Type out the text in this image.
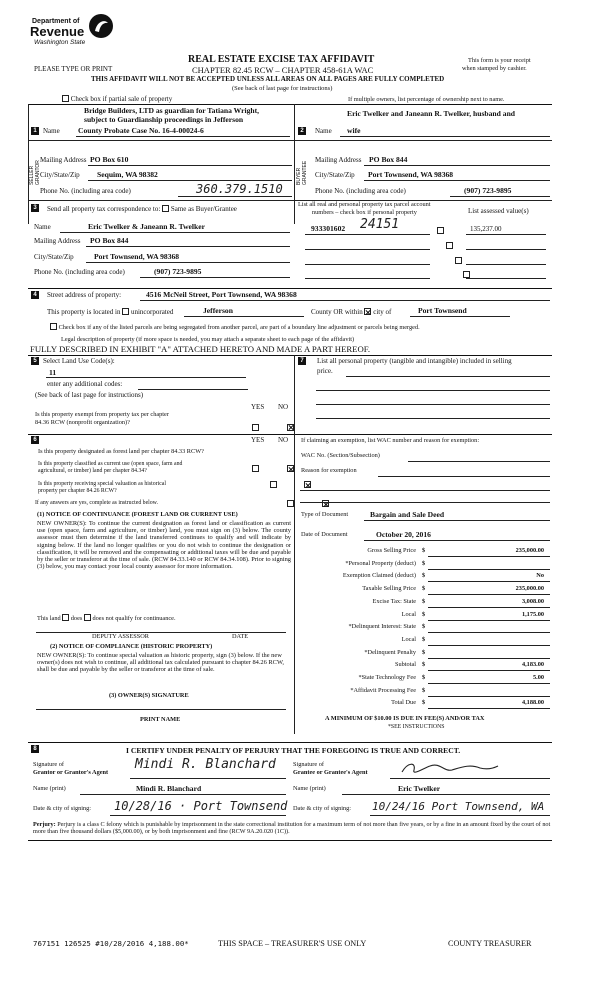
Department of
Revenue
Washington State
PLEASE TYPE OR PRINT
REAL ESTATE EXCISE TAX AFFIDAVIT
CHAPTER 82.45 RCW – CHAPTER 458-61A WAC
THIS AFFIDAVIT WILL NOT BE ACCEPTED UNLESS ALL AREAS ON ALL PAGES ARE FULLY COMPLETED
(See back of last page for instructions)
This form is your receipt
when stamped by cashier.
Check box if partial sale of property	If multiple owners, list percentage of ownership next to name.
Bridge Builders, LTD as guardian for Tatiana Wright,
subject to Guardianship proceedings in Jefferson
County Probate Case No. 16-4-00024-6
1 Name
SELLER GRANTOR
Mailing Address PO Box 610
City/State/Zip Sequim, WA 98382
Phone No. (including area code)	360.379.1510
Eric Twelker and Janeann R. Twelker, husband and
wife
2	Name
BUYER GRANTEE
Mailing Address PO Box 844
City/State/Zip Port Townsend, WA 98368
Phone No. (including area code)	(907) 723-9895
3	Send all property tax correspondence to: Same as Buyer/Grantee
List all real and personal property tax parcel account
numbers – check box if personal property	List assessed value(s)
Name	Eric Twelker & Janeann R. Twelker
Mailing Address PO Box 844
City/State/Zip	Port Townsend, WA 98368
Phone No. (including area code)	(907) 723-9895
933301602 24151	135,237.00

4	Street address of property:	4516 McNeil Street, Port Townsend, WA 98368
This property is located in unincorporated	Jefferson	County OR within city of	Port Townsend
Check box if any of the listed parcels are being segregated from another parcel, are part of a boundary line adjustment or parcels being merged.
Legal description of property (if more space is needed, you may attach a separate sheet to each page of the affidavit)
FULLY DESCRIBED IN EXHIBIT "A" ATTACHED HERETO AND MADE A PART HEREOF.
5 Select Land Use Code(s):
11
enter any additional codes:
(See back of last page for instructions)
YES NO
Is this property exempt from property tax per chapter
84.36 RCW (nonprofit organization)?

7	List all personal property (tangible and intangible) included in selling
price.
6	YES NO
Is this property designated as forest land per chapter 84.33 RCW?

Is this property classified as current use (open space, farm and
agricultural, or timber) land per chapter 84.34?

Is this property receiving special valuation as historical
property per chapter 84.26 RCW?

If any answers are yes, complete as instructed below.
(1) NOTICE OF CONTINUANCE (FOREST LAND OR CURRENT USE)
NEW OWNER(S): To continue the current designation as forest land or classification as current use (open space, farm and agriculture, or timber) land, you must sign on (3) below. The county assessor must then determine if the land transferred continues to qualify and will indicate by signing below. If the land no longer qualifies or you do not wish to continue the designation or classification, it will be removed and the compensating or additional taxes will be due and payable by the seller or transferor at the time of sale. (RCW 84.33.140 or RCW 84.34.108). Prior to signing (3) below, you may contact your local county assessor for more information.
This land does does not qualify for continuance.
DEPUTY ASSESSOR	DATE
(2) NOTICE OF COMPLIANCE (HISTORIC PROPERTY)
NEW OWNER(S): To continue special valuation as historic property, sign (3) below. If the new owner(s) does not wish to continue, all additional tax calculated pursuant to chapter 84.26 RCW, shall be due and payable by the seller or transferor at the time of sale.
(3) OWNER(S) SIGNATURE
PRINT NAME
If claiming an exemption, list WAC number and reason for exemption:
WAC No. (Section/Subsection)
Reason for exemption
Type of Document	Bargain and Sale Deed
Date of Document	October 20, 2016
Gross Selling Price $	235,000.00
*Personal Property (deduct) $
Exemption Claimed (deduct) $	No
Taxable Selling Price $	235,000.00
Excise Tax: State $	3,008.00
Local $	1,175.00
*Delinquent Interest: State $
Local $
*Delinquent Penalty $
Subtotal $	4,183.00
*State Technology Fee $	5.00
*Affidavit Processing Fee $
Total Due $	4,188.00
A MINIMUM OF $10.00 IS DUE IN FEE(S) AND/OR TAX
*SEE INSTRUCTIONS
8	I CERTIFY UNDER PENALTY OF PERJURY THAT THE FOREGOING IS TRUE AND CORRECT.
Signature of
Grantor or Grantor's Agent
Mindi R. Blanchard	Signature of
Grantee or Grantee's Agent
Name (print)	Mindi R. Blanchard	Name (print)	Eric Twelker
Date & city of signing: 10/28/16 · Port Townsend Date & city of signing: 10/24/16 Port Townsend, WA
Perjury: Perjury is a class C felony which is punishable by imprisonment in the state correctional institution for a maximum term of not more than five years, or by a fine in an amount fixed by the court of not more than five thousand dollars ($5,000.00), or by both imprisonment and fine (RCW 9A.20.020 (1C)).
767151 126525 #10/28/2016 4,188.00*	THIS SPACE – TREASURER'S USE ONLY	COUNTY TREASURER
